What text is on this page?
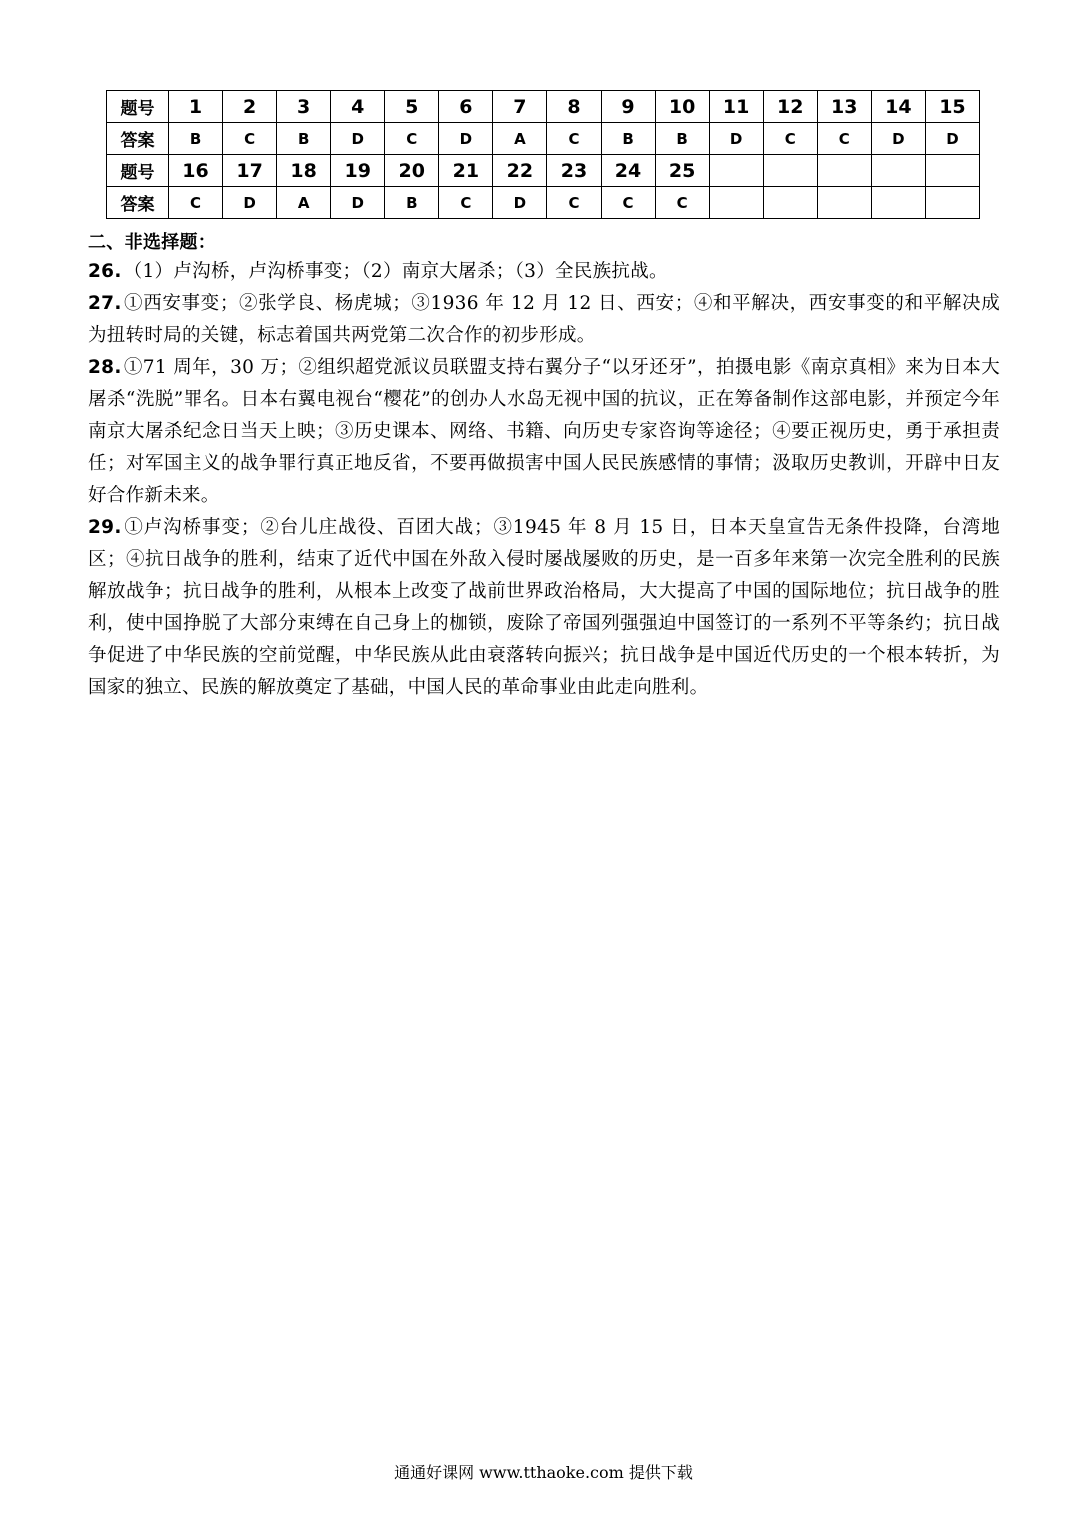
题号	1	2	3	4	5	6	7	8	9	10	11	12	13	14	15
答案	B	C	B	D	C	D	A	C	B	B	D	C	C	D	D
题号	16	17	18	19	20	21	22	23	24	25					
答案	C	D	A	D	B	C	D	C	C	C					

二、非选择题：

26. （1）卢沟桥，卢沟桥事变；（2）南京大屠杀；（3）全民族抗战。

27. ①西安事变；②张学良、杨虎城；③1936 年 12 月 12 日、西安；④和平解决，西安事变的和平解决成为扭转时局的关键，标志着国共两党第二次合作的初步形成。

28. ①71 周年，30 万；②组织超党派议员联盟支持右翼分子“以牙还牙”，拍摄电影《南京真相》来为日本大屠杀“洗脱”罪名。日本右翼电视台“樱花”的创办人水岛无视中国的抗议，正在筹备制作这部电影，并预定今年南京大屠杀纪念日当天上映；③历史课本、网络、书籍、向历史专家咨询等途径；④要正视历史，勇于承担责任；对军国主义的战争罪行真正地反省，不要再做损害中国人民民族感情的事情；汲取历史教训，开辟中日友好合作新未来。

29. ①卢沟桥事变；②台儿庄战役、百团大战；③1945 年 8 月 15 日，日本天皇宣告无条件投降，台湾地区；④抗日战争的胜利，结束了近代中国在外敌入侵时屡战屡败的历史，是一百多年来第一次完全胜利的民族解放战争；抗日战争的胜利，从根本上改变了战前世界政治格局，大大提高了中国的国际地位；抗日战争的胜利，使中国挣脱了大部分束缚在自己身上的枷锁，废除了帝国列强强迫中国签订的一系列不平等条约；抗日战争促进了中华民族的空前觉醒，中华民族从此由衰落转向振兴；抗日战争是中国近代历史的一个根本转折，为国家的独立、民族的解放奠定了基础，中国人民的革命事业由此走向胜利。

通通好课网 www.tthaoke.com 提供下载
